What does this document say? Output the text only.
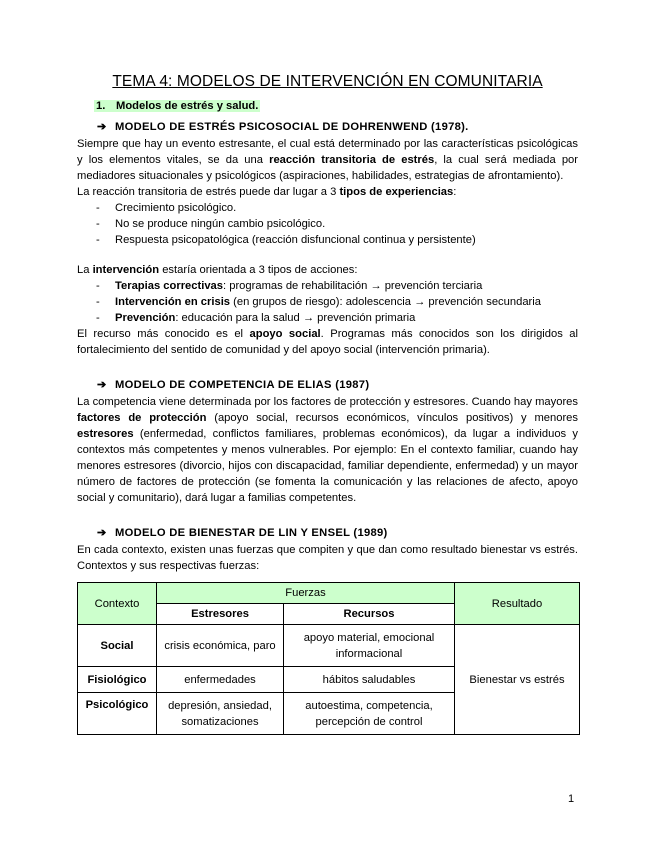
TEMA 4: MODELOS DE INTERVENCIÓN EN COMUNITARIA
1. Modelos de estrés y salud.
➔ MODELO DE ESTRÉS PSICOSOCIAL DE DOHRENWEND (1978).

Siempre que hay un evento estresante, el cual está determinado por las características psicológicas y los elementos vitales, se da una reacción transitoria de estrés, la cual será mediada por mediadores situacionales y psicológicos (aspiraciones, habilidades, estrategias de afrontamiento).

La reacción transitoria de estrés puede dar lugar a 3 tipos de experiencias:

- Crecimiento psicológico.
- No se produce ningún cambio psicológico.
- Respuesta psicopatológica (reacción disfuncional continua y persistente)

La intervención estaría orientada a 3 tipos de acciones:

- Terapias correctivas: programas de rehabilitación → prevención terciaria
- Intervención en crisis (en grupos de riesgo): adolescencia → prevención secundaria
- Prevención: educación para la salud → prevención primaria

El recurso más conocido es el apoyo social. Programas más conocidos son los dirigidos al fortalecimiento del sentido de comunidad y del apoyo social (intervención primaria).

➔ MODELO DE COMPETENCIA DE ELIAS (1987)

La competencia viene determinada por los factores de protección y estresores. Cuando hay mayores factores de protección (apoyo social, recursos económicos, vínculos positivos) y menores estresores (enfermedad, conflictos familiares, problemas económicos), da lugar a individuos y contextos más competentes y menos vulnerables. Por ejemplo: En el contexto familiar, cuando hay menores estresores (divorcio, hijos con discapacidad, familiar dependiente, enfermedad) y un mayor número de factores de protección (se fomenta la comunicación y las relaciones de afecto, apoyo social y comunitario), dará lugar a familias competentes.

➔ MODELO DE BIENESTAR DE LIN Y ENSEL (1989)

En cada contexto, existen unas fuerzas que compiten y que dan como resultado bienestar vs estrés. Contextos y sus respectivas fuerzas:

Contexto	Fuerzas		Resultado
	Estresores	Recursos	
Social	crisis económica, paro	apoyo material, emocional informacional	Bienestar vs estrés
Fisiológico	enfermedades	hábitos saludables	
Psicológico	depresión, ansiedad, somatizaciones	autoestima, competencia, percepción de control	
1
